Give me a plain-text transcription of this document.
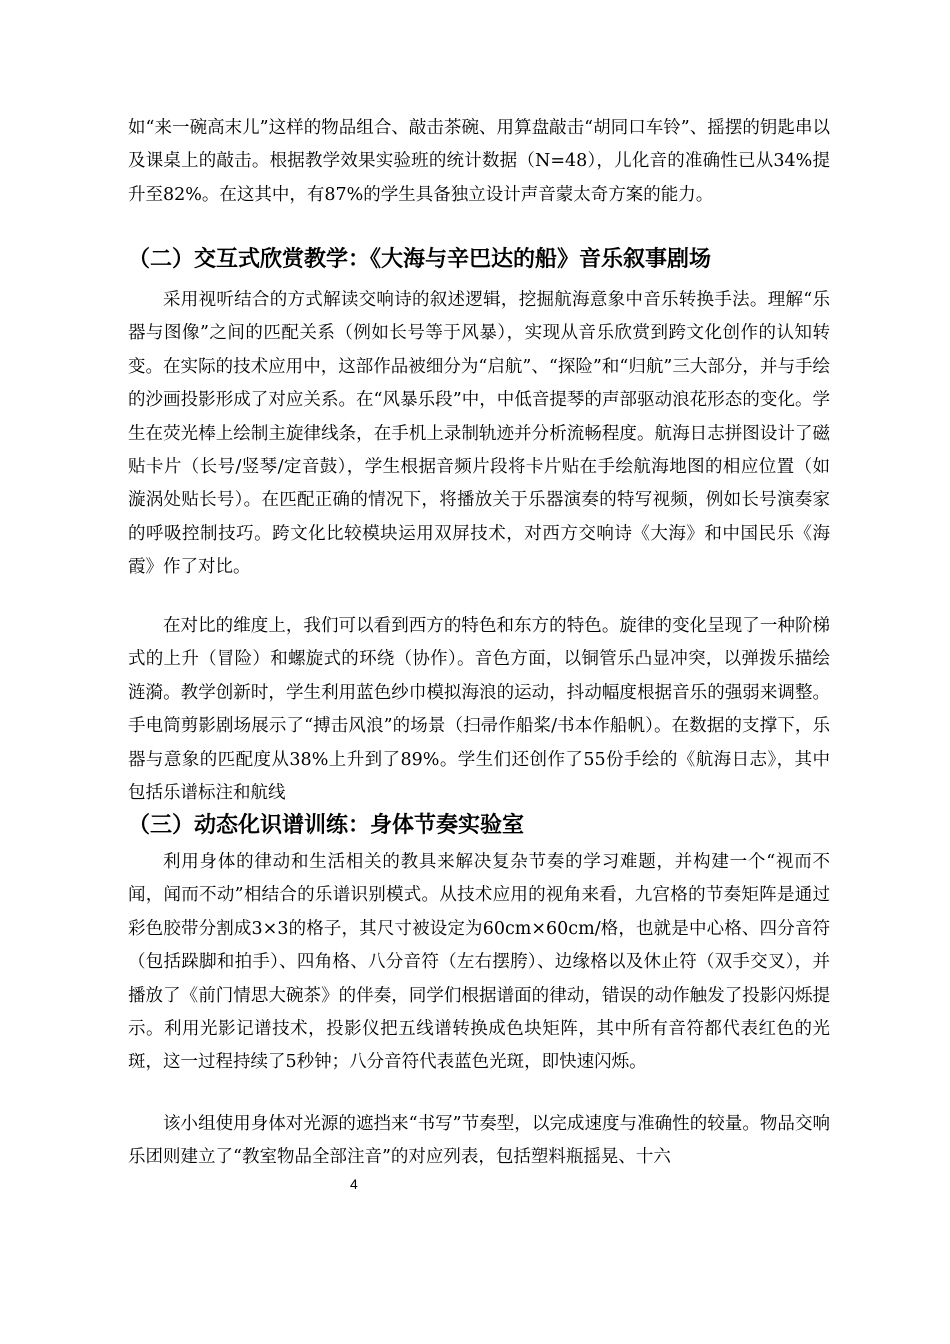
如“来一碗高末儿”这样的物品组合、敲击茶碗、用算盘敲击“胡同口车铃”、摇摆的钥匙串以及课桌上的敲击。根据教学效果实验班的统计数据（N=48），儿化音的准确性已从34%提升至82%。在这其中，有87%的学生具备独立设计声音蒙太奇方案的能力。

（二）交互式欣赏教学：《大海与辛巴达的船》音乐叙事剧场

采用视听结合的方式解读交响诗的叙述逻辑，挖掘航海意象中音乐转换手法。理解“乐器与图像”之间的匹配关系（例如长号等于风暴），实现从音乐欣赏到跨文化创作的认知转变。在实际的技术应用中，这部作品被细分为“启航”、“探险”和“归航”三大部分，并与手绘的沙画投影形成了对应关系。在“风暴乐段”中，中低音提琴的声部驱动浪花形态的变化。学生在荧光棒上绘制主旋律线条，在手机上录制轨迹并分析流畅程度。航海日志拼图设计了磁贴卡片（长号/竖琴/定音鼓），学生根据音频片段将卡片贴在手绘航海地图的相应位置（如漩涡处贴长号）。在匹配正确的情况下，将播放关于乐器演奏的特写视频，例如长号演奏家的呼吸控制技巧。跨文化比较模块运用双屏技术，对西方交响诗《大海》和中国民乐《海霞》作了对比。

在对比的维度上，我们可以看到西方的特色和东方的特色。旋律的变化呈现了一种阶梯式的上升（冒险）和螺旋式的环绕（协作）。音色方面，以铜管乐凸显冲突，以弹拨乐描绘涟漪。教学创新时，学生利用蓝色纱巾模拟海浪的运动，抖动幅度根据音乐的强弱来调整。手电筒剪影剧场展示了“搏击风浪”的场景（扫帚作船桨/书本作船帆）。在数据的支撑下，乐器与意象的匹配度从38%上升到了89%。学生们还创作了55份手绘的《航海日志》，其中包括乐谱标注和航线

（三）动态化识谱训练：身体节奏实验室

利用身体的律动和生活相关的教具来解决复杂节奏的学习难题，并构建一个“视而不闻，闻而不动”相结合的乐谱识别模式。从技术应用的视角来看，九宫格的节奏矩阵是通过彩色胶带分割成3×3的格子，其尺寸被设定为60cm×60cm/格，也就是中心格、四分音符（包括跺脚和拍手）、四角格、八分音符（左右摆胯）、边缘格以及休止符（双手交叉），并播放了《前门情思大碗茶》的伴奏，同学们根据谱面的律动，错误的动作触发了投影闪烁提示。利用光影记谱技术，投影仪把五线谱转换成色块矩阵，其中所有音符都代表红色的光斑，这一过程持续了5秒钟；八分音符代表蓝色光斑，即快速闪烁。

该小组使用身体对光源的遮挡来“书写”节奏型，以完成速度与准确性的较量。物品交响乐团则建立了“教室物品全部注音”的对应列表，包括塑料瓶摇晃、十六

4
